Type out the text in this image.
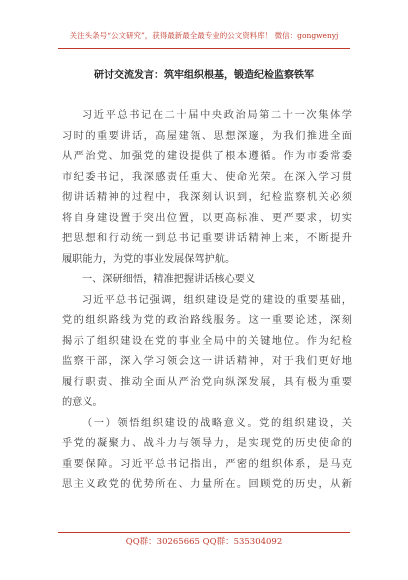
关注头条号“公文研究”，获得最新最全最专业的公文资料库！ 微信：gongwenyj
研讨交流发言：筑牢组织根基，锻造纪检监察铁军
习近平总书记在二十届中央政治局第二十一次集体学
习时的重要讲话，高屋建瓴、思想深邃，为我们推进全面
从严治党、加强党的建设提供了根本遵循。作为市委常委
市纪委书记，我深感责任重大、使命光荣。在深入学习贯
彻讲话精神的过程中，我深刻认识到，纪检监察机关必须
将自身建设置于突出位置，以更高标准、更严要求，切实
把思想和行动统一到总书记重要讲话精神上来，不断提升
履职能力，为党的事业发展保驾护航。
一、深研细悟，精准把握讲话核心要义
习近平总书记强调，组织建设是党的建设的重要基础，
党的组织路线为党的政治路线服务。这一重要论述，深刻
揭示了组织建设在党的事业全局中的关键地位。作为纪检
监察干部，深入学习领会这一讲话精神，对于我们更好地
履行职责、推动全面从严治党向纵深发展，具有极为重要
的意义。
（一）领悟组织建设的战略意义。党的组织建设，关
乎党的凝聚力、战斗力与领导力，是实现党的历史使命的
重要保障。习近平总书记指出，严密的组织体系，是马克
思主义政党的优势所在、力量所在。回顾党的历史，从新
QQ群：30265665 QQ群：535304092
